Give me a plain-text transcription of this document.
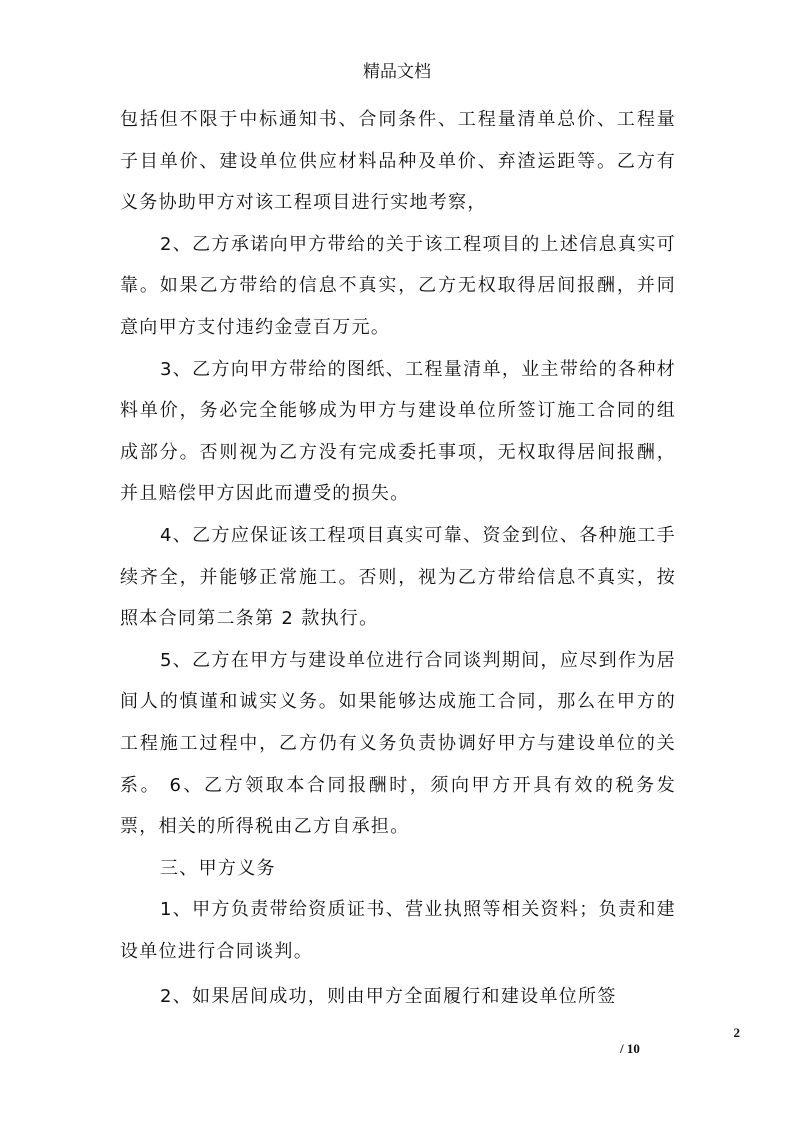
精品文档

包括但不限于中标通知书、合同条件、工程量清单总价、工程量子目单价、建设单位供应材料品种及单价、弃渣运距等。乙方有义务协助甲方对该工程项目进行实地考察，

2、乙方承诺向甲方带给的关于该工程项目的上述信息真实可靠。如果乙方带给的信息不真实，乙方无权取得居间报酬，并同意向甲方支付违约金壹百万元。

3、乙方向甲方带给的图纸、工程量清单，业主带给的各种材料单价，务必完全能够成为甲方与建设单位所签订施工合同的组成部分。否则视为乙方没有完成委托事项，无权取得居间报酬，并且赔偿甲方因此而遭受的损失。

4、乙方应保证该工程项目真实可靠、资金到位、各种施工手续齐全，并能够正常施工。否则，视为乙方带给信息不真实，按照本合同第二条第 2 款执行。

5、乙方在甲方与建设单位进行合同谈判期间，应尽到作为居间人的慎谨和诚实义务。如果能够达成施工合同，那么在甲方的工程施工过程中，乙方仍有义务负责协调好甲方与建设单位的关系。 6、乙方领取本合同报酬时，须向甲方开具有效的税务发票，相关的所得税由乙方自承担。

三、甲方义务

1、甲方负责带给资质证书、营业执照等相关资料；负责和建设单位进行合同谈判。

2、如果居间成功，则由甲方全面履行和建设单位所签

2
/ 10
